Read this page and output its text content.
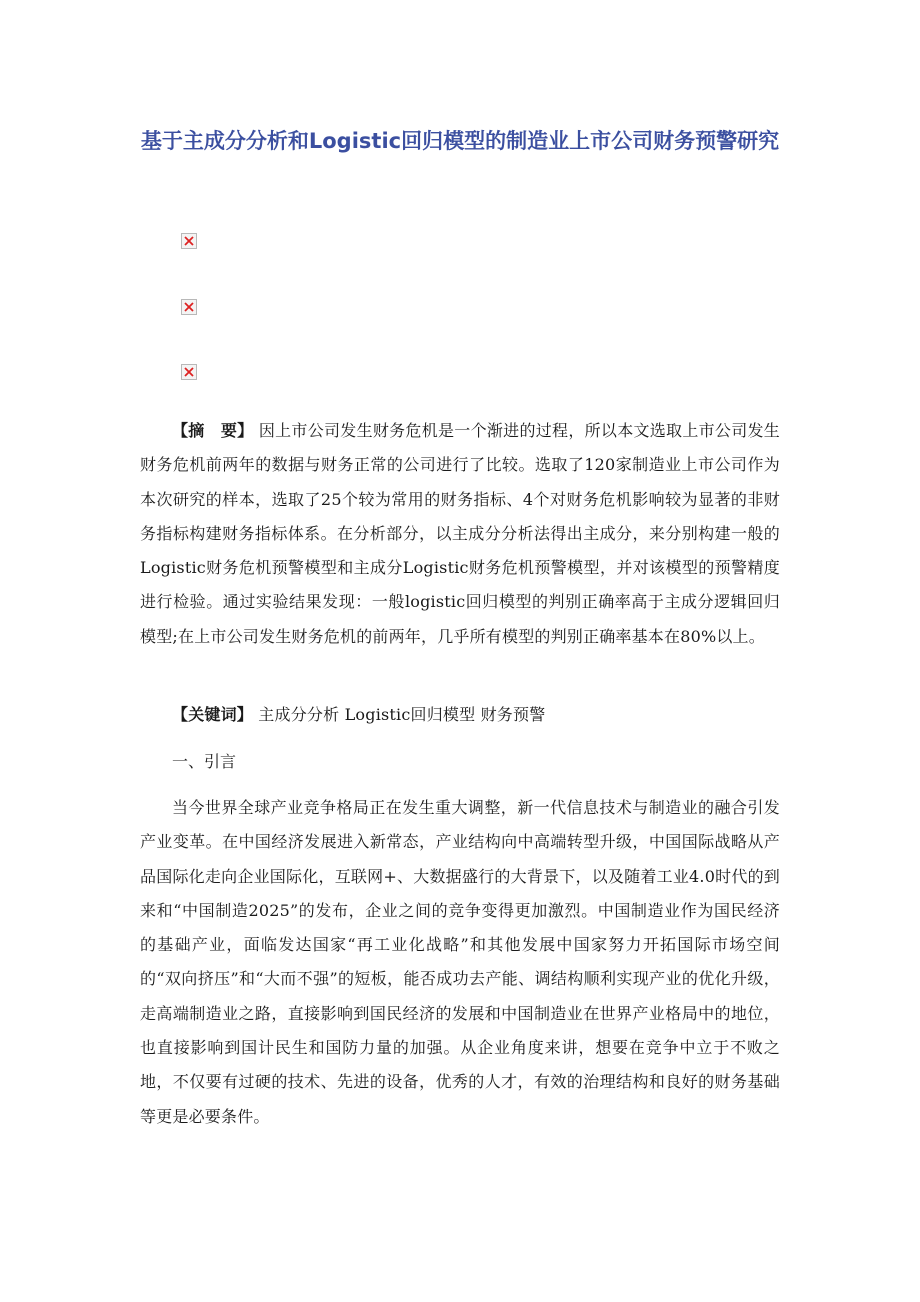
基于主成分分析和Logistic回归模型的制造业上市公司财务预警研究

【摘　要】 因上市公司发生财务危机是一个渐进的过程，所以本文选取上市公司发生财务危机前两年的数据与财务正常的公司进行了比较。选取了120家制造业上市公司作为本次研究的样本，选取了25个较为常用的财务指标、4个对财务危机影响较为显著的非财务指标构建财务指标体系。在分析部分，以主成分分析法得出主成分，来分别构建一般的Logistic财务危机预警模型和主成分Logistic财务危机预警模型，并对该模型的预警精度进行检验。通过实验结果发现：一般logistic回归模型的判别正确率高于主成分逻辑回归模型;在上市公司发生财务危机的前两年，几乎所有模型的判别正确率基本在80%以上。

【关键词】 主成分分析 Logistic回归模型 财务预警

一、引言

当今世界全球产业竞争格局正在发生重大调整，新一代信息技术与制造业的融合引发产业变革。在中国经济发展进入新常态，产业结构向中高端转型升级，中国国际战略从产品国际化走向企业国际化，互联网+、大数据盛行的大背景下，以及随着工业4.0时代的到来和“中国制造2025”的发布，企业之间的竞争变得更加激烈。中国制造业作为国民经济的基础产业，面临发达国家“再工业化战略”和其他发展中国家努力开拓国际市场空间的“双向挤压”和“大而不强”的短板，能否成功去产能、调结构顺利实现产业的优化升级，走高端制造业之路，直接影响到国民经济的发展和中国制造业在世界产业格局中的地位，也直接影响到国计民生和国防力量的加强。从企业角度来讲，想要在竞争中立于不败之地，不仅要有过硬的技术、先进的设备，优秀的人才，有效的治理结构和良好的财务基础等更是必要条件。
